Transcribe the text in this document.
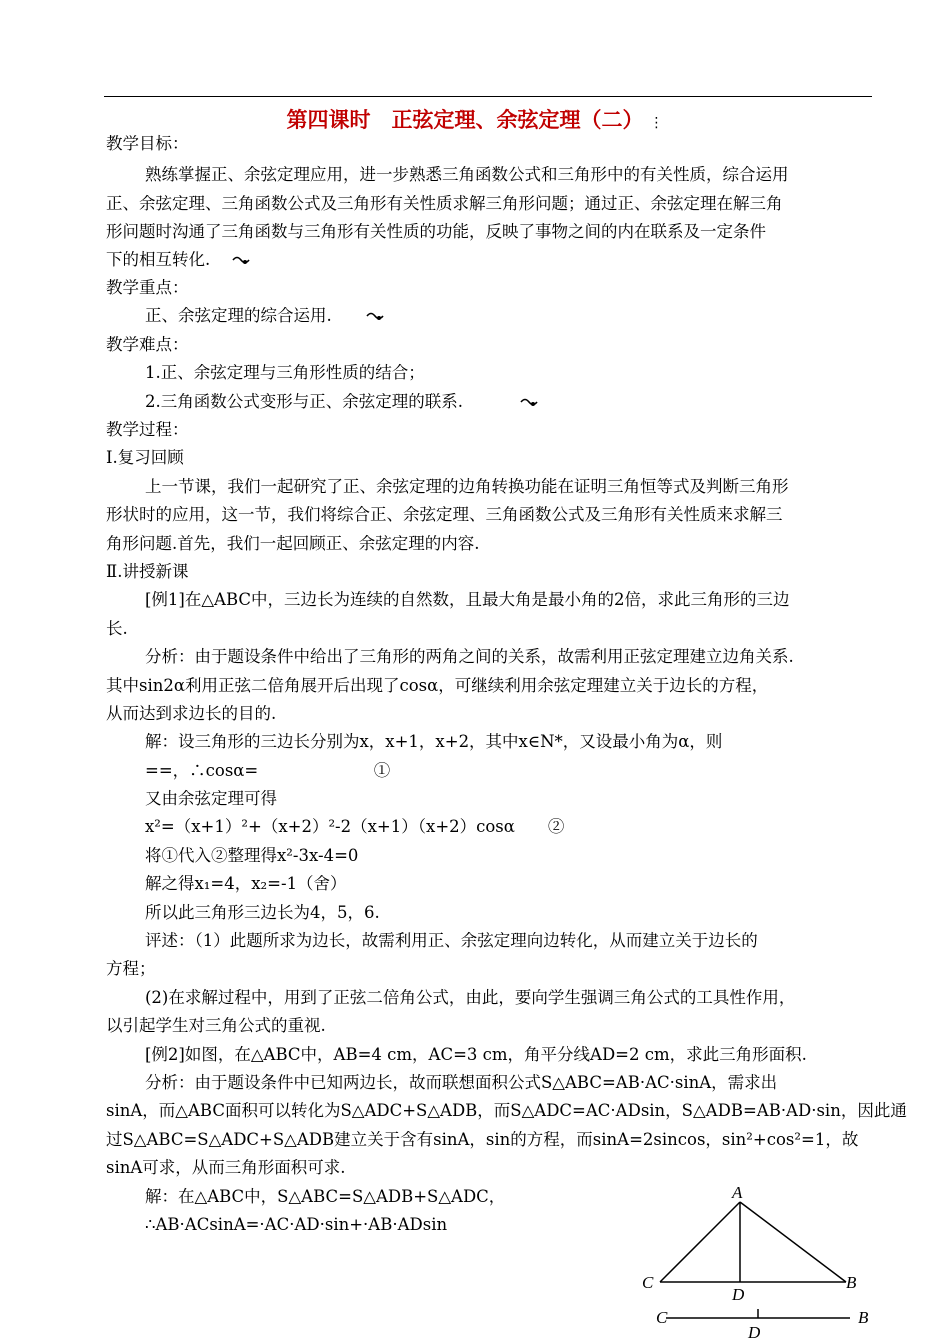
第四课时　正弦定理、余弦定理（二） ⋮
教学目标：
熟练掌握正、余弦定理应用，进一步熟悉三角函数公式和三角形中的有关性质，综合运用
正、余弦定理、三角函数公式及三角形有关性质求解三角形问题；通过正、余弦定理在解三角
形问题时沟通了三角函数与三角形有关性质的功能，反映了事物之间的内在联系及一定条件
下的相互转化.
教学重点：
正、余弦定理的综合运用.
教学难点：
1.正、余弦定理与三角形性质的结合；
2.三角函数公式变形与正、余弦定理的联系.
教学过程：
Ⅰ.复习回顾
上一节课，我们一起研究了正、余弦定理的边角转换功能在证明三角恒等式及判断三角形
形状时的应用，这一节，我们将综合正、余弦定理、三角函数公式及三角形有关性质来求解三
角形问题.首先，我们一起回顾正、余弦定理的内容.
Ⅱ.讲授新课
[例1]在△ABC中，三边长为连续的自然数，且最大角是最小角的2倍，求此三角形的三边
长.
分析：由于题设条件中给出了三角形的两角之间的关系，故需利用正弦定理建立边角关系.
其中sin2α利用正弦二倍角展开后出现了cosα，可继续利用余弦定理建立关于边长的方程，
从而达到求边长的目的.
解：设三角形的三边长分别为x，x+1，x+2，其中x∈N*，又设最小角为α，则
==，∴cosα=　　　　　　　①
又由余弦定理可得
x²=（x+1）²+（x+2）²-2（x+1）（x+2）cosα　　②
将①代入②整理得x²-3x-4=0
解之得x₁=4，x₂=-1（舍）
所以此三角形三边长为4，5，6.
评述：（1）此题所求为边长，故需利用正、余弦定理向边转化，从而建立关于边长的
方程；
(2)在求解过程中，用到了正弦二倍角公式，由此，要向学生强调三角公式的工具性作用，
以引起学生对三角公式的重视.
[例2]如图，在△ABC中，AB=4 cm，AC=3 cm，角平分线AD=2 cm，求此三角形面积.
分析：由于题设条件中已知两边长，故而联想面积公式S△ABC=AB·AC·sinA，需求出
sinA，而△ABC面积可以转化为S△ADC+S△ADB，而S△ADC=AC·ADsin，S△ADB=AB·AD·sin，因此通
过S△ABC=S△ADC+S△ADB建立关于含有sinA，sin的方程，而sinA=2sincos，sin²+cos²=1，故
sinA可求，从而三角形面积可求.
解：在△ABC中，S△ABC=S△ADB+S△ADC，
∴AB·ACsinA=·AC·AD·sin+·AB·ADsin
A
C	B
D
C
D
B
